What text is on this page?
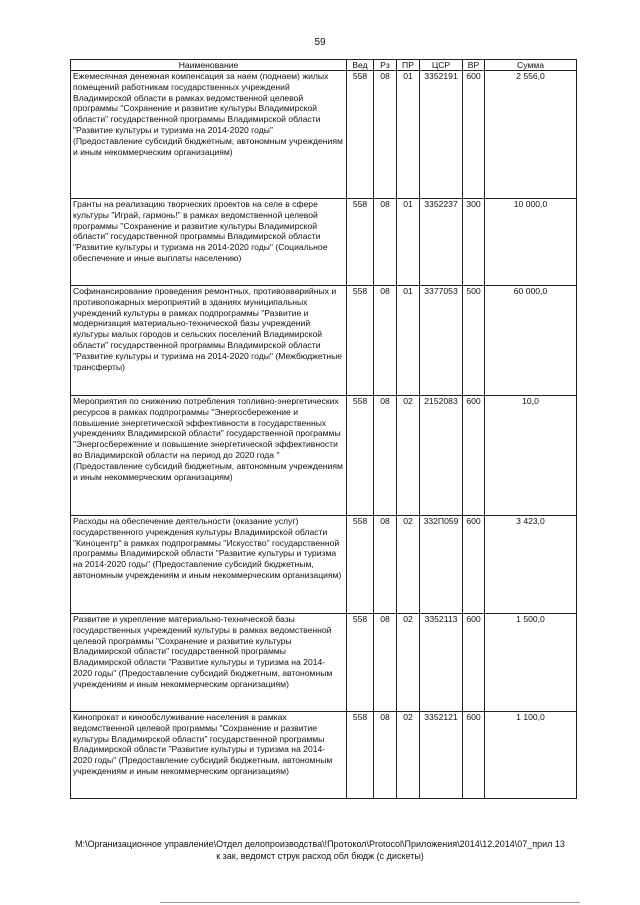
59
Наименование	Вед	Рз	ПР	ЦСР	ВР	Сумма
Ежемесячная денежная компенсация за наем (поднаем) жилых помещений работникам государственных учреждений Владимирской области в рамках ведомственной целевой программы "Сохранение и развитие культуры Владимирской области" государственной программы Владимирской области "Развитие культуры и туризма на 2014-2020 годы" (Предоставление субсидий бюджетным, автономным учреждениям и иным некоммерческим организациям)	558	08	01	3352191	600	2 556,0
Гранты на реализацию творческих проектов на селе в сфере культуры "Играй, гармонь!" в рамках ведомственной целевой программы "Сохранение и развитие культуры Владимирской области" государственной программы Владимирской области "Развитие культуры и туризма на 2014-2020 годы" (Социальное обеспечение и иные выплаты населению)	558	08	01	3352237	300	10 000,0
Софинансирование проведения ремонтных, противоаварийных и противопожарных мероприятий в зданиях муниципальных учреждений культуры в рамках подпрограммы "Развитие и модернизация материально-технической базы учреждений культуры малых городов и сельских поселений Владимирской области" государственной программы Владимирской области "Развитие культуры и туризма на 2014-2020 годы" (Межбюджетные трансферты)	558	08	01	3377053	500	60 000,0
Мероприятия по снижению потребления топливно-энергетических ресурсов в рамках подпрограммы "Энергосбережение и повышение энергетической эффективности в государственных учреждениях Владимирской области" государственной программы "Энергосбережение и повышение энергетической эффективности во Владимирской области на период до 2020 года " (Предоставление субсидий бюджетным, автономным учреждениям и иным некоммерческим организациям)	558	08	02	2152083	600	10,0
Расходы на обеспечение деятельности (оказание услуг) государственного учреждения культуры Владимирской области "Киноцентр" в рамках подпрограммы "Искусство" государственной программы Владимирской области "Развитие культуры и туризма на 2014-2020 годы" (Предоставление субсидий бюджетным, автономным учреждениям и иным некоммерческим организациям)	558	08	02	332П059	600	3 423,0
Развитие и укрепление материально-технической базы государственных учреждений культуры в рамках ведомственной целевой программы "Сохранение и развитие культуры Владимирской области" государственной программы Владимирской области "Развитие культуры и туризма на 2014-2020 годы" (Предоставление субсидий бюджетным, автономным учреждениям и иным некоммерческим организациям)	558	08	02	3352113	600	1 500,0
Кинопрокат и кинообслуживание населения в рамках ведомственной целевой программы "Сохранение и развитие культуры Владимирской области" государственной программы Владимирской области "Развитие культуры и туризма на 2014-2020 годы" (Предоставление субсидий бюджетным, автономным учреждениям и иным некоммерческим организациям)	558	08	02	3352121	600	1 100,0
M:\Организационное управление\Отдел делопроизводства\!Протокол\Protocol\Приложения\2014\12.2014\07_прил 13
к зак, ведомст струк расход обл бюдж (с дискеты)
